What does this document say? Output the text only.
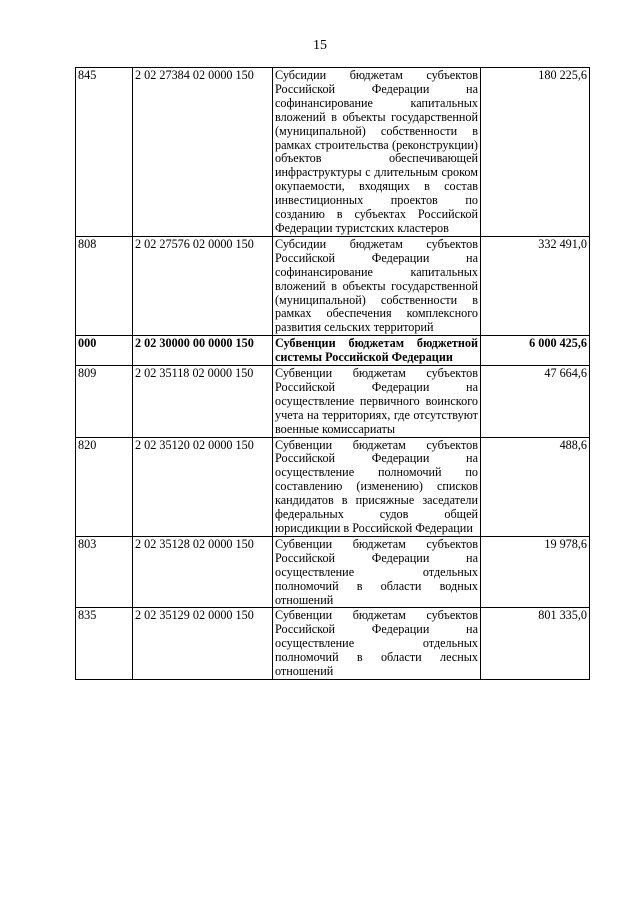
15
845	2 02 27384 02 0000 150	Субсидии бюджетам субъектов Российской Федерации на софинансирование капитальных вложений в объекты государственной (муниципальной) собственности в рамках строительства (реконструкции) объектов обеспечивающей инфраструктуры с длительным сроком окупаемости, входящих в состав инвестиционных проектов по созданию в субъектах Российской Федерации туристских кластеров	180 225,6
808	2 02 27576 02 0000 150	Субсидии бюджетам субъектов Российской Федерации на софинансирование капитальных вложений в объекты государственной (муниципальной) собственности в рамках обеспечения комплексного развития сельских территорий	332 491,0
000	2 02 30000 00 0000 150	Субвенции бюджетам бюджетной системы Российской Федерации	6 000 425,6
809	2 02 35118 02 0000 150	Субвенции бюджетам субъектов Российской Федерации на осуществление первичного воинского учета на территориях, где отсутствуют военные комиссариаты	47 664,6
820	2 02 35120 02 0000 150	Субвенции бюджетам субъектов Российской Федерации на осуществление полномочий по составлению (изменению) списков кандидатов в присяжные заседатели федеральных судов общей юрисдикции в Российской Федерации	488,6
803	2 02 35128 02 0000 150	Субвенции бюджетам субъектов Российской Федерации на осуществление отдельных полномочий в области водных отношений	19 978,6
835	2 02 35129 02 0000 150	Субвенции бюджетам субъектов Российской Федерации на осуществление отдельных полномочий в области лесных отношений	801 335,0
